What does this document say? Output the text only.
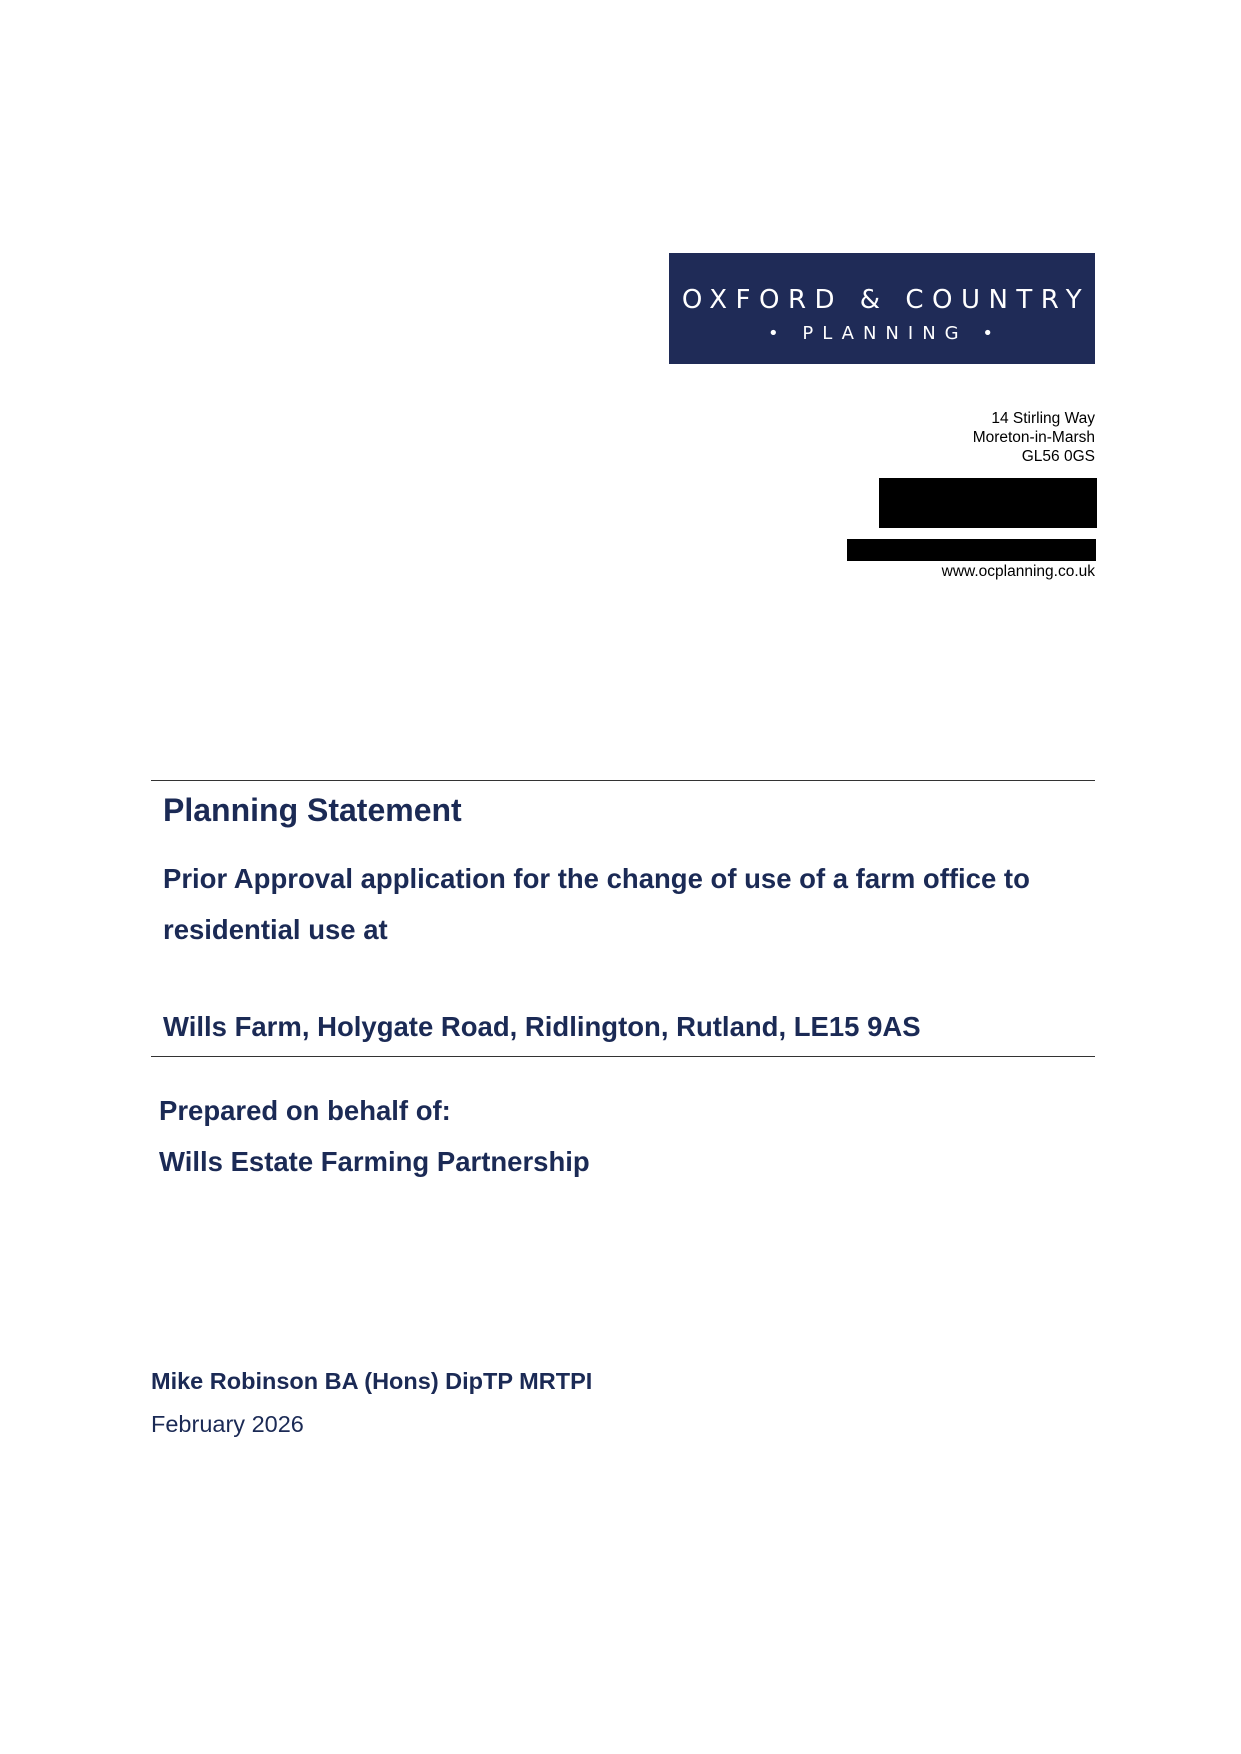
OXFORD & COUNTRY
• PLANNING •
14 Stirling Way
Moreton-in-Marsh
GL56 0GS
www.ocplanning.co.uk
Planning Statement
Prior Approval application for the change of use of a farm office to residential use at
Wills Farm, Holygate Road, Ridlington, Rutland, LE15 9AS
Prepared on behalf of:
Wills Estate Farming Partnership
Mike Robinson BA (Hons) DipTP MRTPI
February 2026
